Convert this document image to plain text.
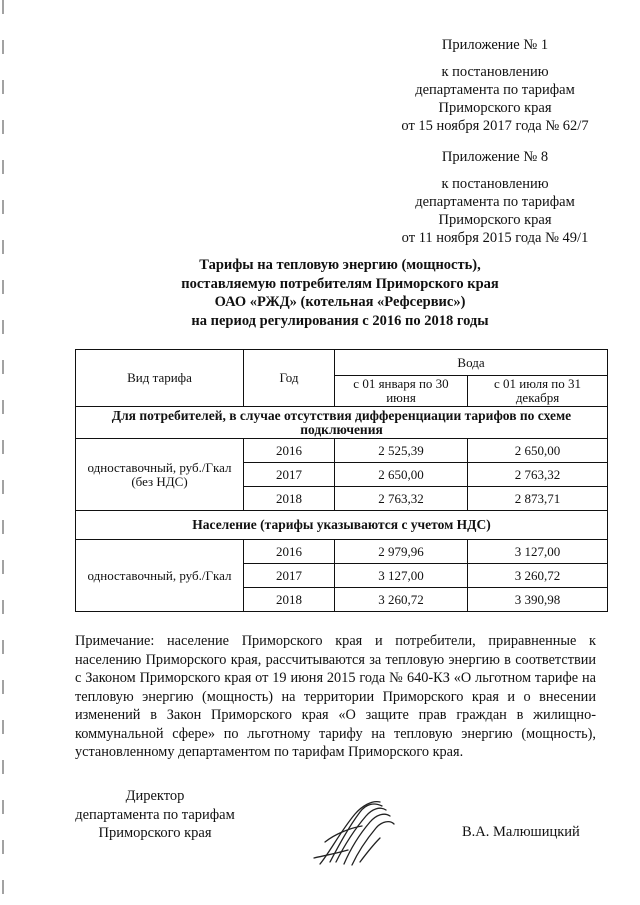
Приложение № 1
к постановлению
департамента по тарифам
Приморского края
от 15 ноября 2017 года № 62/7
Приложение № 8
к постановлению
департамента по тарифам
Приморского края
от 11 ноября 2015 года № 49/1
Тарифы на тепловую энергию (мощность),
поставляемую потребителям Приморского края
ОАО «РЖД» (котельная «Рефсервис»)
на период регулирования с 2016 по 2018 годы
Вид тарифа	Год	Вода	
		с 01 января по 30 июня	с 01 июля по 31 декабря
Для потребителей, в случае отсутствия дифференциации тарифов по схеме подключения			
одноставочный, руб./Гкал (без НДС)	2016	2 525,39	2 650,00
	2017	2 650,00	2 763,32
	2018	2 763,32	2 873,71
Население (тарифы указываются с учетом НДС)			
одноставочный, руб./Гкал	2016	2 979,96	3 127,00
	2017	3 127,00	3 260,72
	2018	3 260,72	3 390,98
Примечание: население Приморского края и потребители, приравненные к населению Приморского края, рассчитываются за тепловую энергию в соответствии с Законом Приморского края от 19 июня 2015 года № 640-КЗ «О льготном тарифе на тепловую энергию (мощность) на территории Приморского края и о внесении изменений в Закон Приморского края «О защите прав граждан в жилищно-коммунальной сфере» по льготному тарифу на тепловую энергию (мощность), установленному департаментом по тарифам Приморского края.
Директор
департамента по тарифам
Приморского края	В.А. Малюшицкий
